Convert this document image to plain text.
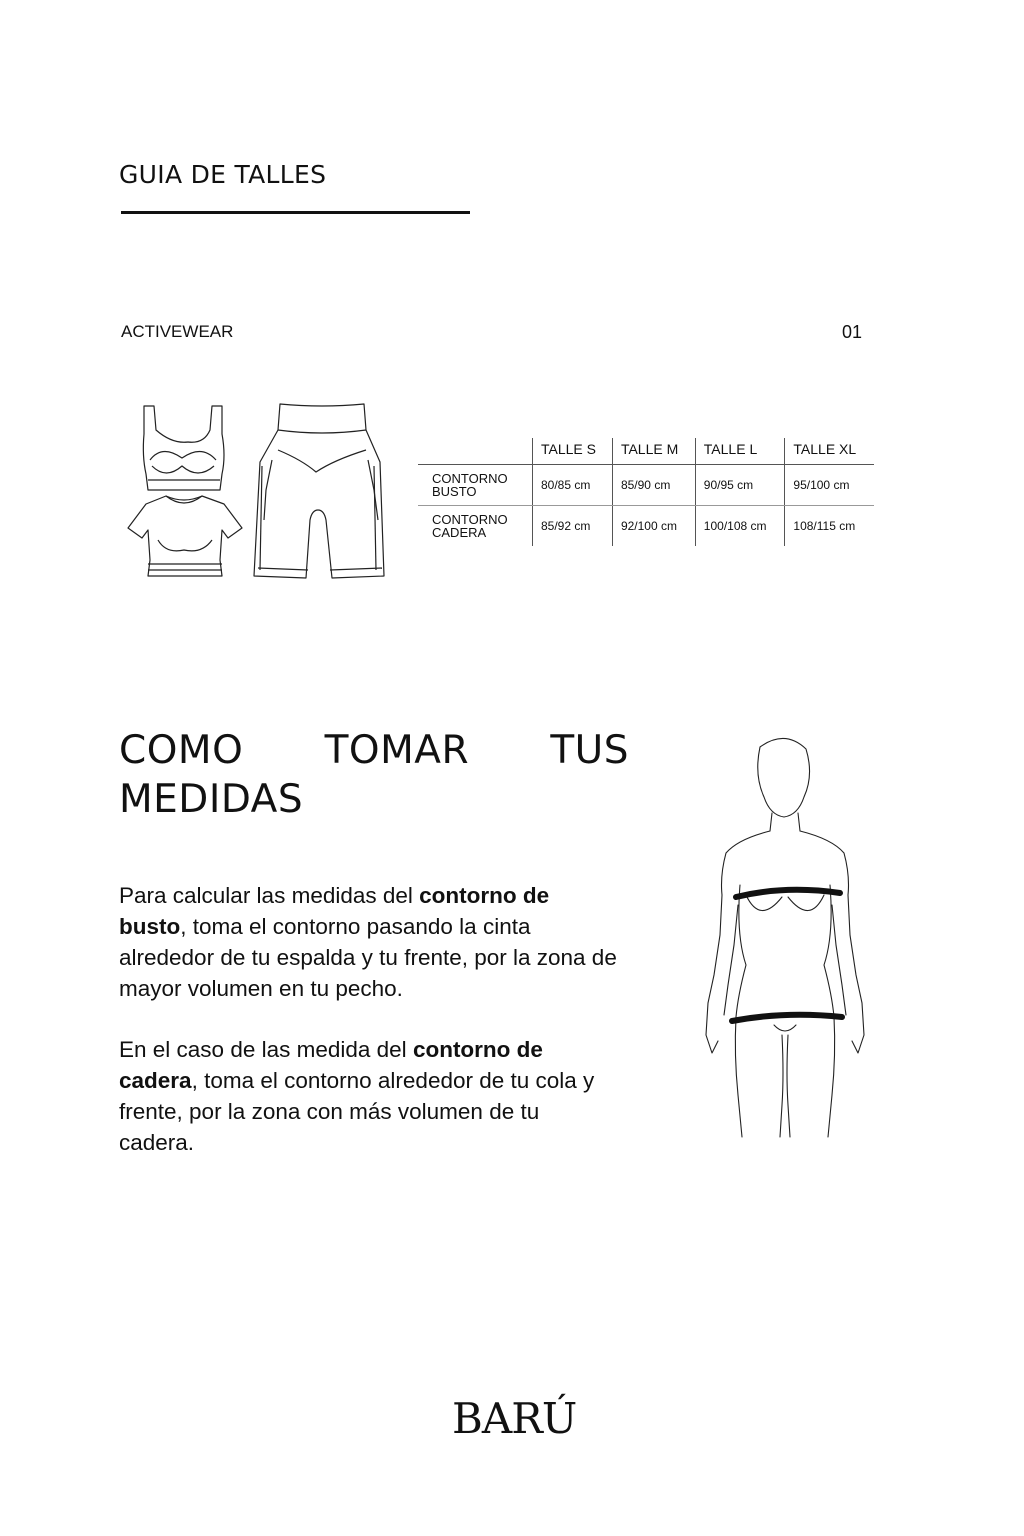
GUIA DE TALLES
ACTIVEWEAR	01
	TALLE S	TALLE M	TALLE L	TALLE XL

CONTORNO
BUSTO	80/85 cm	85/90 cm	90/95 cm	95/100 cm

CONTORNO
CADERA	85/92 cm	92/100 cm	100/108 cm	108/115 cm
COMO TOMAR TUS
MEDIDAS
Para calcular las medidas del contorno de busto, toma el contorno pasando la cinta alrededor de tu espalda y tu frente, por la zona de mayor volumen en tu pecho.
En el caso de las medida del contorno de cadera, toma el contorno alrededor de tu cola y frente, por la zona con más volumen de tu cadera.
BARÚ
